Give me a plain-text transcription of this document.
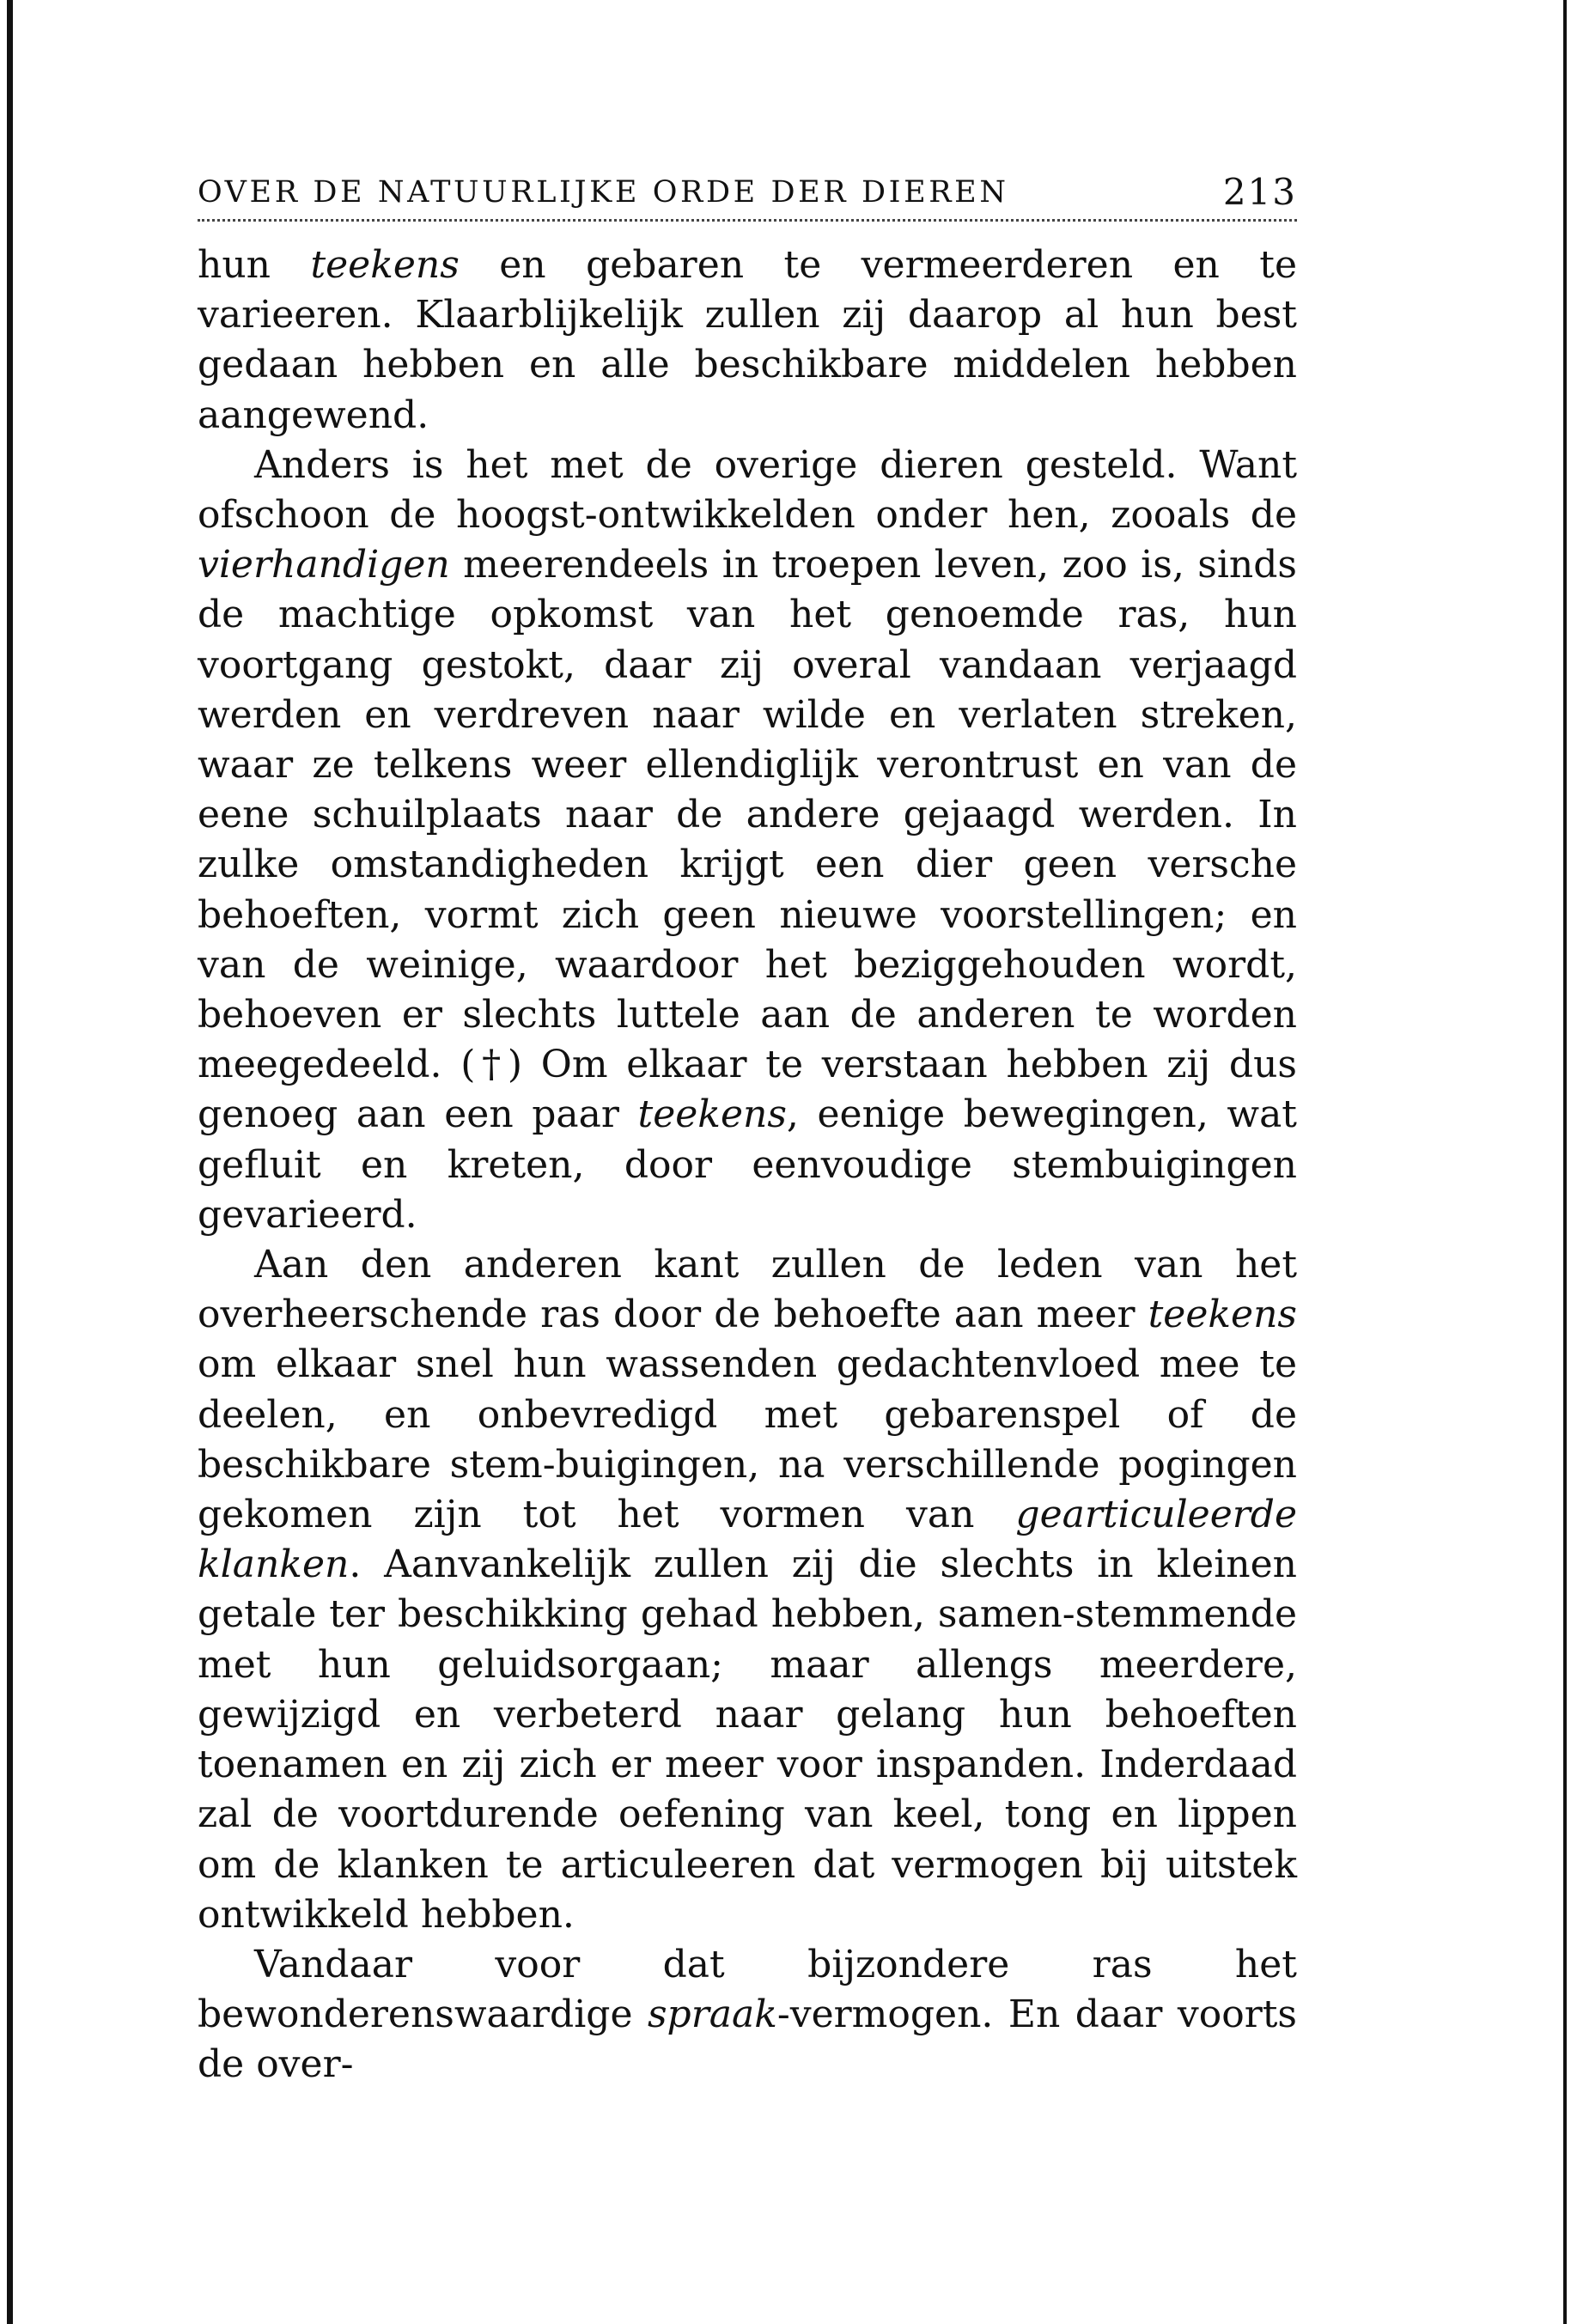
OVER DE NATUURLIJKE ORDE DER DIEREN	213

hun teekens en gebaren te vermeerderen en te varieeren. Klaarblijkelijk zullen zij daarop al hun best gedaan hebben en alle beschikbare middelen hebben aangewend.

Anders is het met de overige dieren gesteld. Want ofschoon de hoogst-ontwikkelden onder hen, zooals de vierhandigen meerendeels in troepen leven, zoo is, sinds de machtige opkomst van het genoemde ras, hun voortgang gestokt, daar zij overal vandaan verjaagd werden en verdreven naar wilde en verlaten streken, waar ze telkens weer ellendiglijk verontrust en van de eene schuilplaats naar de andere gejaagd werden. In zulke omstandigheden krijgt een dier geen versche behoeften, vormt zich geen nieuwe voorstellingen; en van de weinige, waardoor het beziggehouden wordt, behoeven er slechts luttele aan de anderen te worden meegedeeld. (†) Om elkaar te verstaan hebben zij dus genoeg aan een paar teekens, eenige bewegingen, wat gefluit en kreten, door eenvoudige stembuigingen gevarieerd.

Aan den anderen kant zullen de leden van het overheerschende ras door de behoefte aan meer teekens om elkaar snel hun wassenden gedachtenvloed mee te deelen, en onbevredigd met gebarenspel of de beschikbare stem-buigingen, na verschillende pogingen gekomen zijn tot het vormen van gearticuleerde klanken. Aanvankelijk zullen zij die slechts in kleinen getale ter beschikking gehad hebben, samen-stemmende met hun geluidsorgaan; maar allengs meerdere, gewijzigd en verbeterd naar gelang hun behoeften toenamen en zij zich er meer voor inspanden. Inderdaad zal de voortdurende oefening van keel, tong en lippen om de klanken te articuleeren dat vermogen bij uitstek ontwikkeld hebben.

Vandaar voor dat bijzondere ras het bewonderenswaardige spraak-vermogen. En daar voorts de over-
